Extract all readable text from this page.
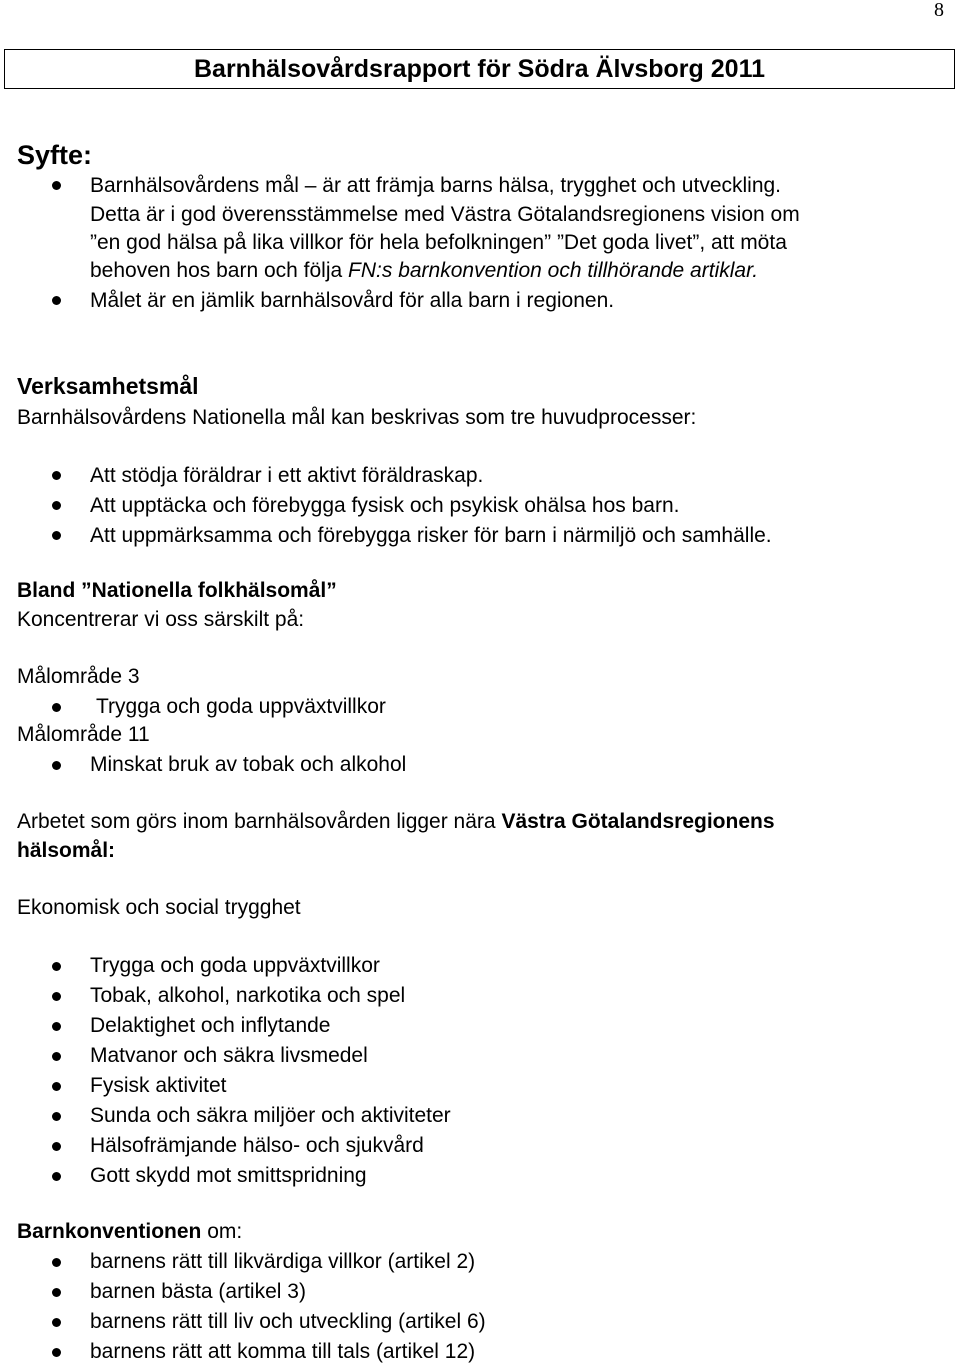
8
Barnhälsovårdsrapport för Södra Älvsborg 2011
Syfte:
Barnhälsovårdens mål – är att främja barns hälsa, trygghet och utveckling.
Detta är i god överensstämmelse med Västra Götalandsregionens vision om
”en god hälsa på lika villkor för hela befolkningen” ”Det goda livet”, att möta
behoven hos barn och följa FN:s barnkonvention och tillhörande artiklar.
Målet är en jämlik barnhälsovård för alla barn i regionen.
Verksamhetsmål
Barnhälsovårdens Nationella mål kan beskrivas som tre huvudprocesser:
Att stödja föräldrar i ett aktivt föräldraskap.
Att upptäcka och förebygga fysisk och psykisk ohälsa hos barn.
Att uppmärksamma och förebygga risker för barn i närmiljö och samhälle.
Bland ”Nationella folkhälsomål”
Koncentrerar vi oss särskilt på:
Målområde 3
Trygga och goda uppväxtvillkor
Målområde 11
Minskat bruk av tobak och alkohol
Arbetet som görs inom barnhälsovården ligger nära Västra Götalandsregionens
hälsomål:
Ekonomisk och social trygghet
Trygga och goda uppväxtvillkor
Tobak, alkohol, narkotika och spel
Delaktighet och inflytande
Matvanor och säkra livsmedel
Fysisk aktivitet
Sunda och säkra miljöer och aktiviteter
Hälsofrämjande hälso- och sjukvård
Gott skydd mot smittspridning
Barnkonventionen om:
barnens rätt till likvärdiga villkor (artikel 2)
barnen bästa (artikel 3)
barnens rätt till liv och utveckling (artikel 6)
barnens rätt att komma till tals (artikel 12)
